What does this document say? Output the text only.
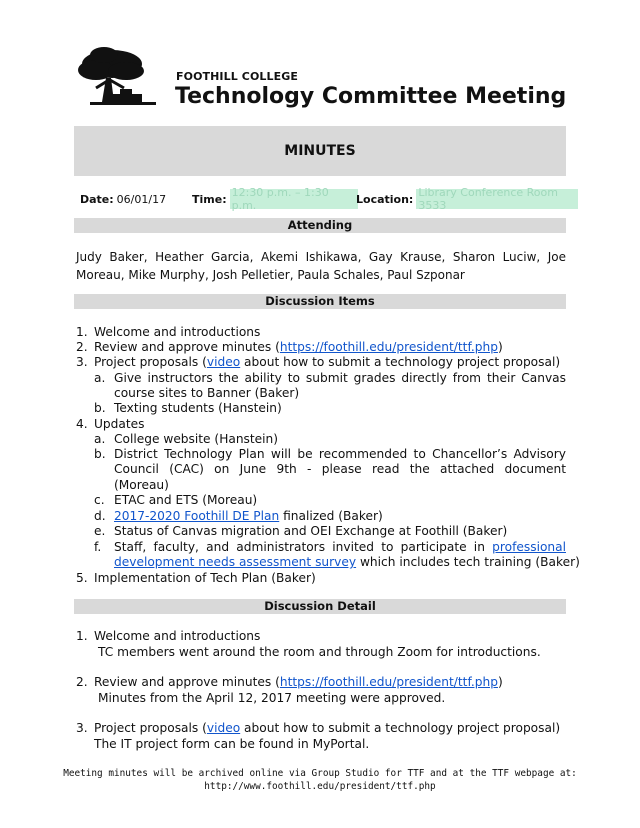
FOOTHILL COLLEGE
Technology Committee Meeting
MINUTES
Date: 06/01/17 Time: 12:30 p.m. – 1:30 p.m.	Location: Library Conference Room 3533
Attending
Judy Baker, Heather Garcia, Akemi Ishikawa, Gay Krause, Sharon Luciw, Joe Moreau, Mike Murphy, Josh Pelletier, Paula Schales, Paul Szponar
Discussion Items
1. Welcome and introductions
2. Review and approve minutes (https://foothill.edu/president/ttf.php)
3. Project proposals (video about how to submit a technology project proposal)
a. Give instructors the ability to submit grades directly from their Canvas
course sites to Banner (Baker)
b. Texting students (Hanstein)
4. Updates
a. College website (Hanstein)
b. District Technology Plan will be recommended to Chancellor’s Advisory
Council (CAC) on June 9th - please read the attached document
(Moreau)
c. ETAC and ETS (Moreau)
d. 2017-2020 Foothill DE Plan finalized (Baker)
e. Status of Canvas migration and OEI Exchange at Foothill (Baker)
f. Staff, faculty, and administrators invited to participate in professional
development needs assessment survey which includes tech training (Baker)
5. Implementation of Tech Plan (Baker)
Discussion Detail
1. Welcome and introductions
TC members went around the room and through Zoom for introductions.
2. Review and approve minutes (https://foothill.edu/president/ttf.php)
Minutes from the April 12, 2017 meeting were approved.
3. Project proposals (video about how to submit a technology project proposal)
The IT project form can be found in MyPortal.
Meeting minutes will be archived online via Group Studio for TTF and at the TTF webpage at:
http://www.foothill.edu/president/ttf.php
